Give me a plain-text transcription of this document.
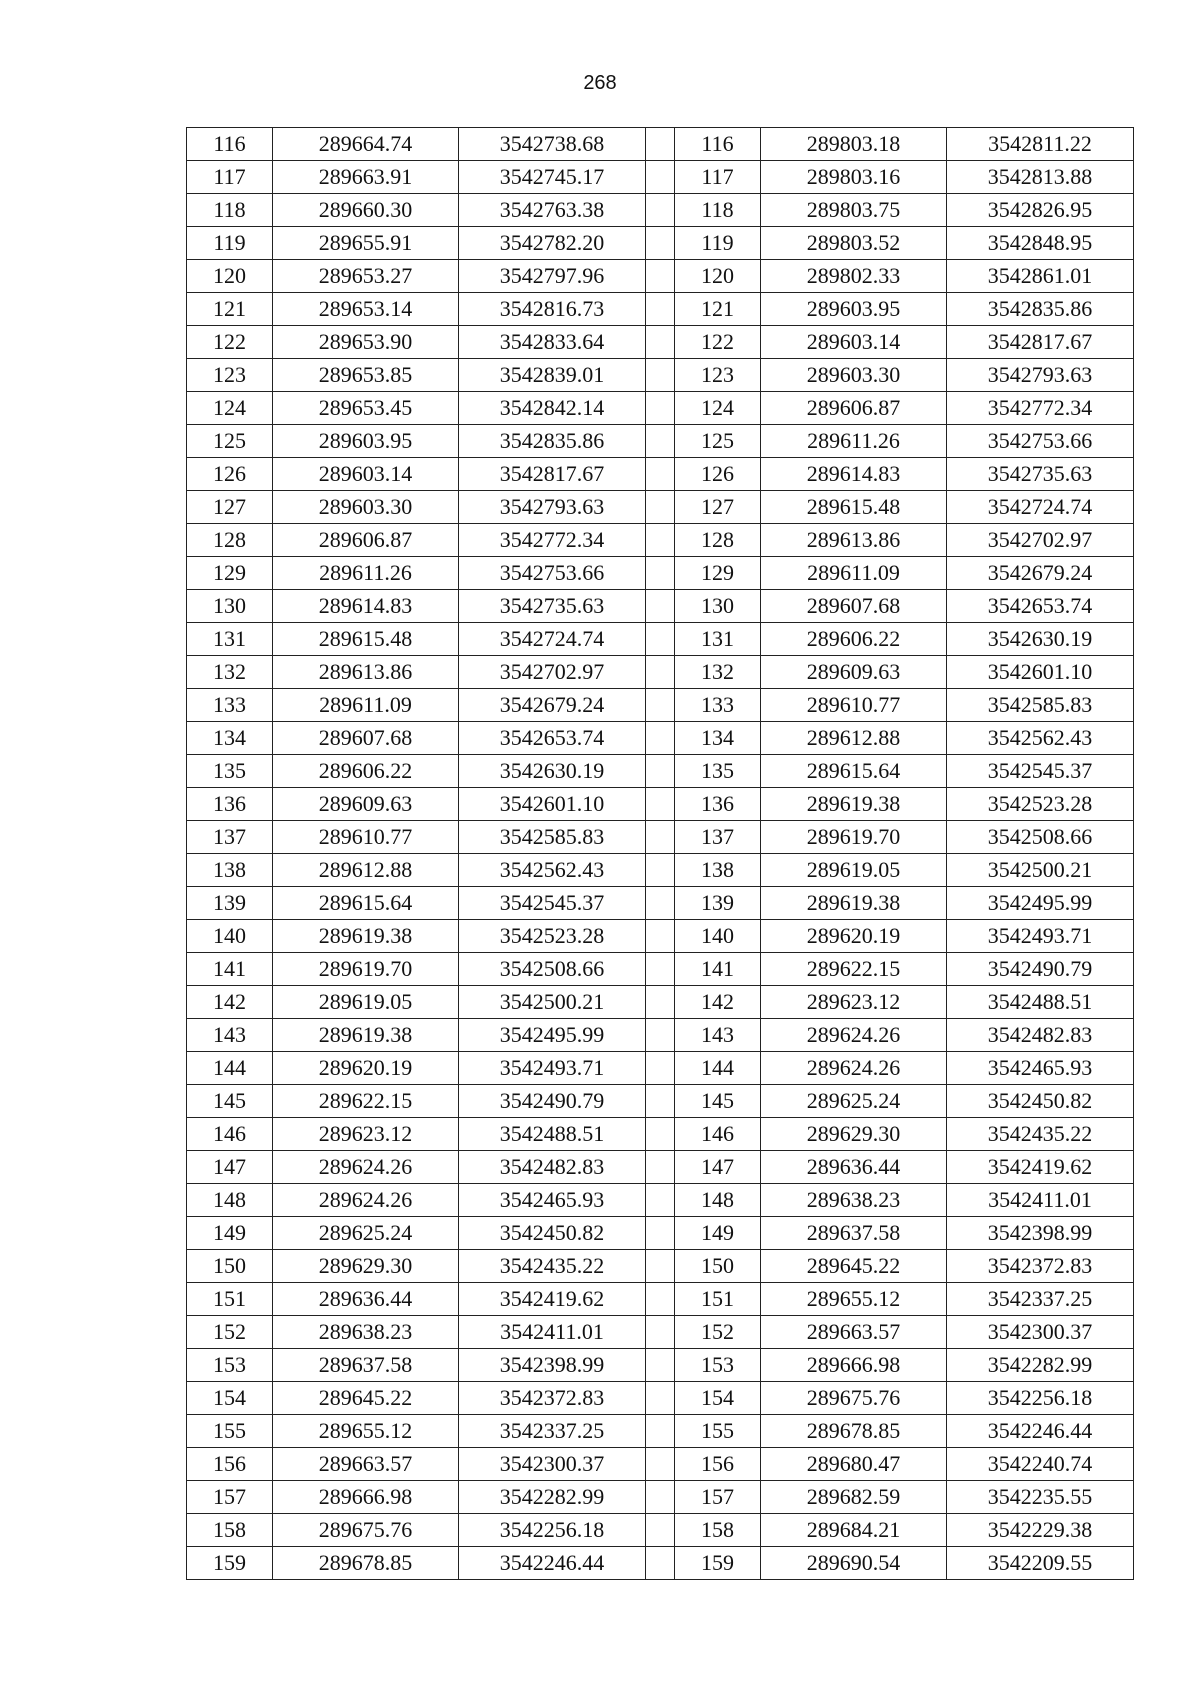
268
116	289664.74	3542738.68		116	289803.18	3542811.22
117	289663.91	3542745.17		117	289803.16	3542813.88
118	289660.30	3542763.38		118	289803.75	3542826.95
119	289655.91	3542782.20		119	289803.52	3542848.95
120	289653.27	3542797.96		120	289802.33	3542861.01
121	289653.14	3542816.73		121	289603.95	3542835.86
122	289653.90	3542833.64		122	289603.14	3542817.67
123	289653.85	3542839.01		123	289603.30	3542793.63
124	289653.45	3542842.14		124	289606.87	3542772.34
125	289603.95	3542835.86		125	289611.26	3542753.66
126	289603.14	3542817.67		126	289614.83	3542735.63
127	289603.30	3542793.63		127	289615.48	3542724.74
128	289606.87	3542772.34		128	289613.86	3542702.97
129	289611.26	3542753.66		129	289611.09	3542679.24
130	289614.83	3542735.63		130	289607.68	3542653.74
131	289615.48	3542724.74		131	289606.22	3542630.19
132	289613.86	3542702.97		132	289609.63	3542601.10
133	289611.09	3542679.24		133	289610.77	3542585.83
134	289607.68	3542653.74		134	289612.88	3542562.43
135	289606.22	3542630.19		135	289615.64	3542545.37
136	289609.63	3542601.10		136	289619.38	3542523.28
137	289610.77	3542585.83		137	289619.70	3542508.66
138	289612.88	3542562.43		138	289619.05	3542500.21
139	289615.64	3542545.37		139	289619.38	3542495.99
140	289619.38	3542523.28		140	289620.19	3542493.71
141	289619.70	3542508.66		141	289622.15	3542490.79
142	289619.05	3542500.21		142	289623.12	3542488.51
143	289619.38	3542495.99		143	289624.26	3542482.83
144	289620.19	3542493.71		144	289624.26	3542465.93
145	289622.15	3542490.79		145	289625.24	3542450.82
146	289623.12	3542488.51		146	289629.30	3542435.22
147	289624.26	3542482.83		147	289636.44	3542419.62
148	289624.26	3542465.93		148	289638.23	3542411.01
149	289625.24	3542450.82		149	289637.58	3542398.99
150	289629.30	3542435.22		150	289645.22	3542372.83
151	289636.44	3542419.62		151	289655.12	3542337.25
152	289638.23	3542411.01		152	289663.57	3542300.37
153	289637.58	3542398.99		153	289666.98	3542282.99
154	289645.22	3542372.83		154	289675.76	3542256.18
155	289655.12	3542337.25		155	289678.85	3542246.44
156	289663.57	3542300.37		156	289680.47	3542240.74
157	289666.98	3542282.99		157	289682.59	3542235.55
158	289675.76	3542256.18		158	289684.21	3542229.38
159	289678.85	3542246.44		159	289690.54	3542209.55
